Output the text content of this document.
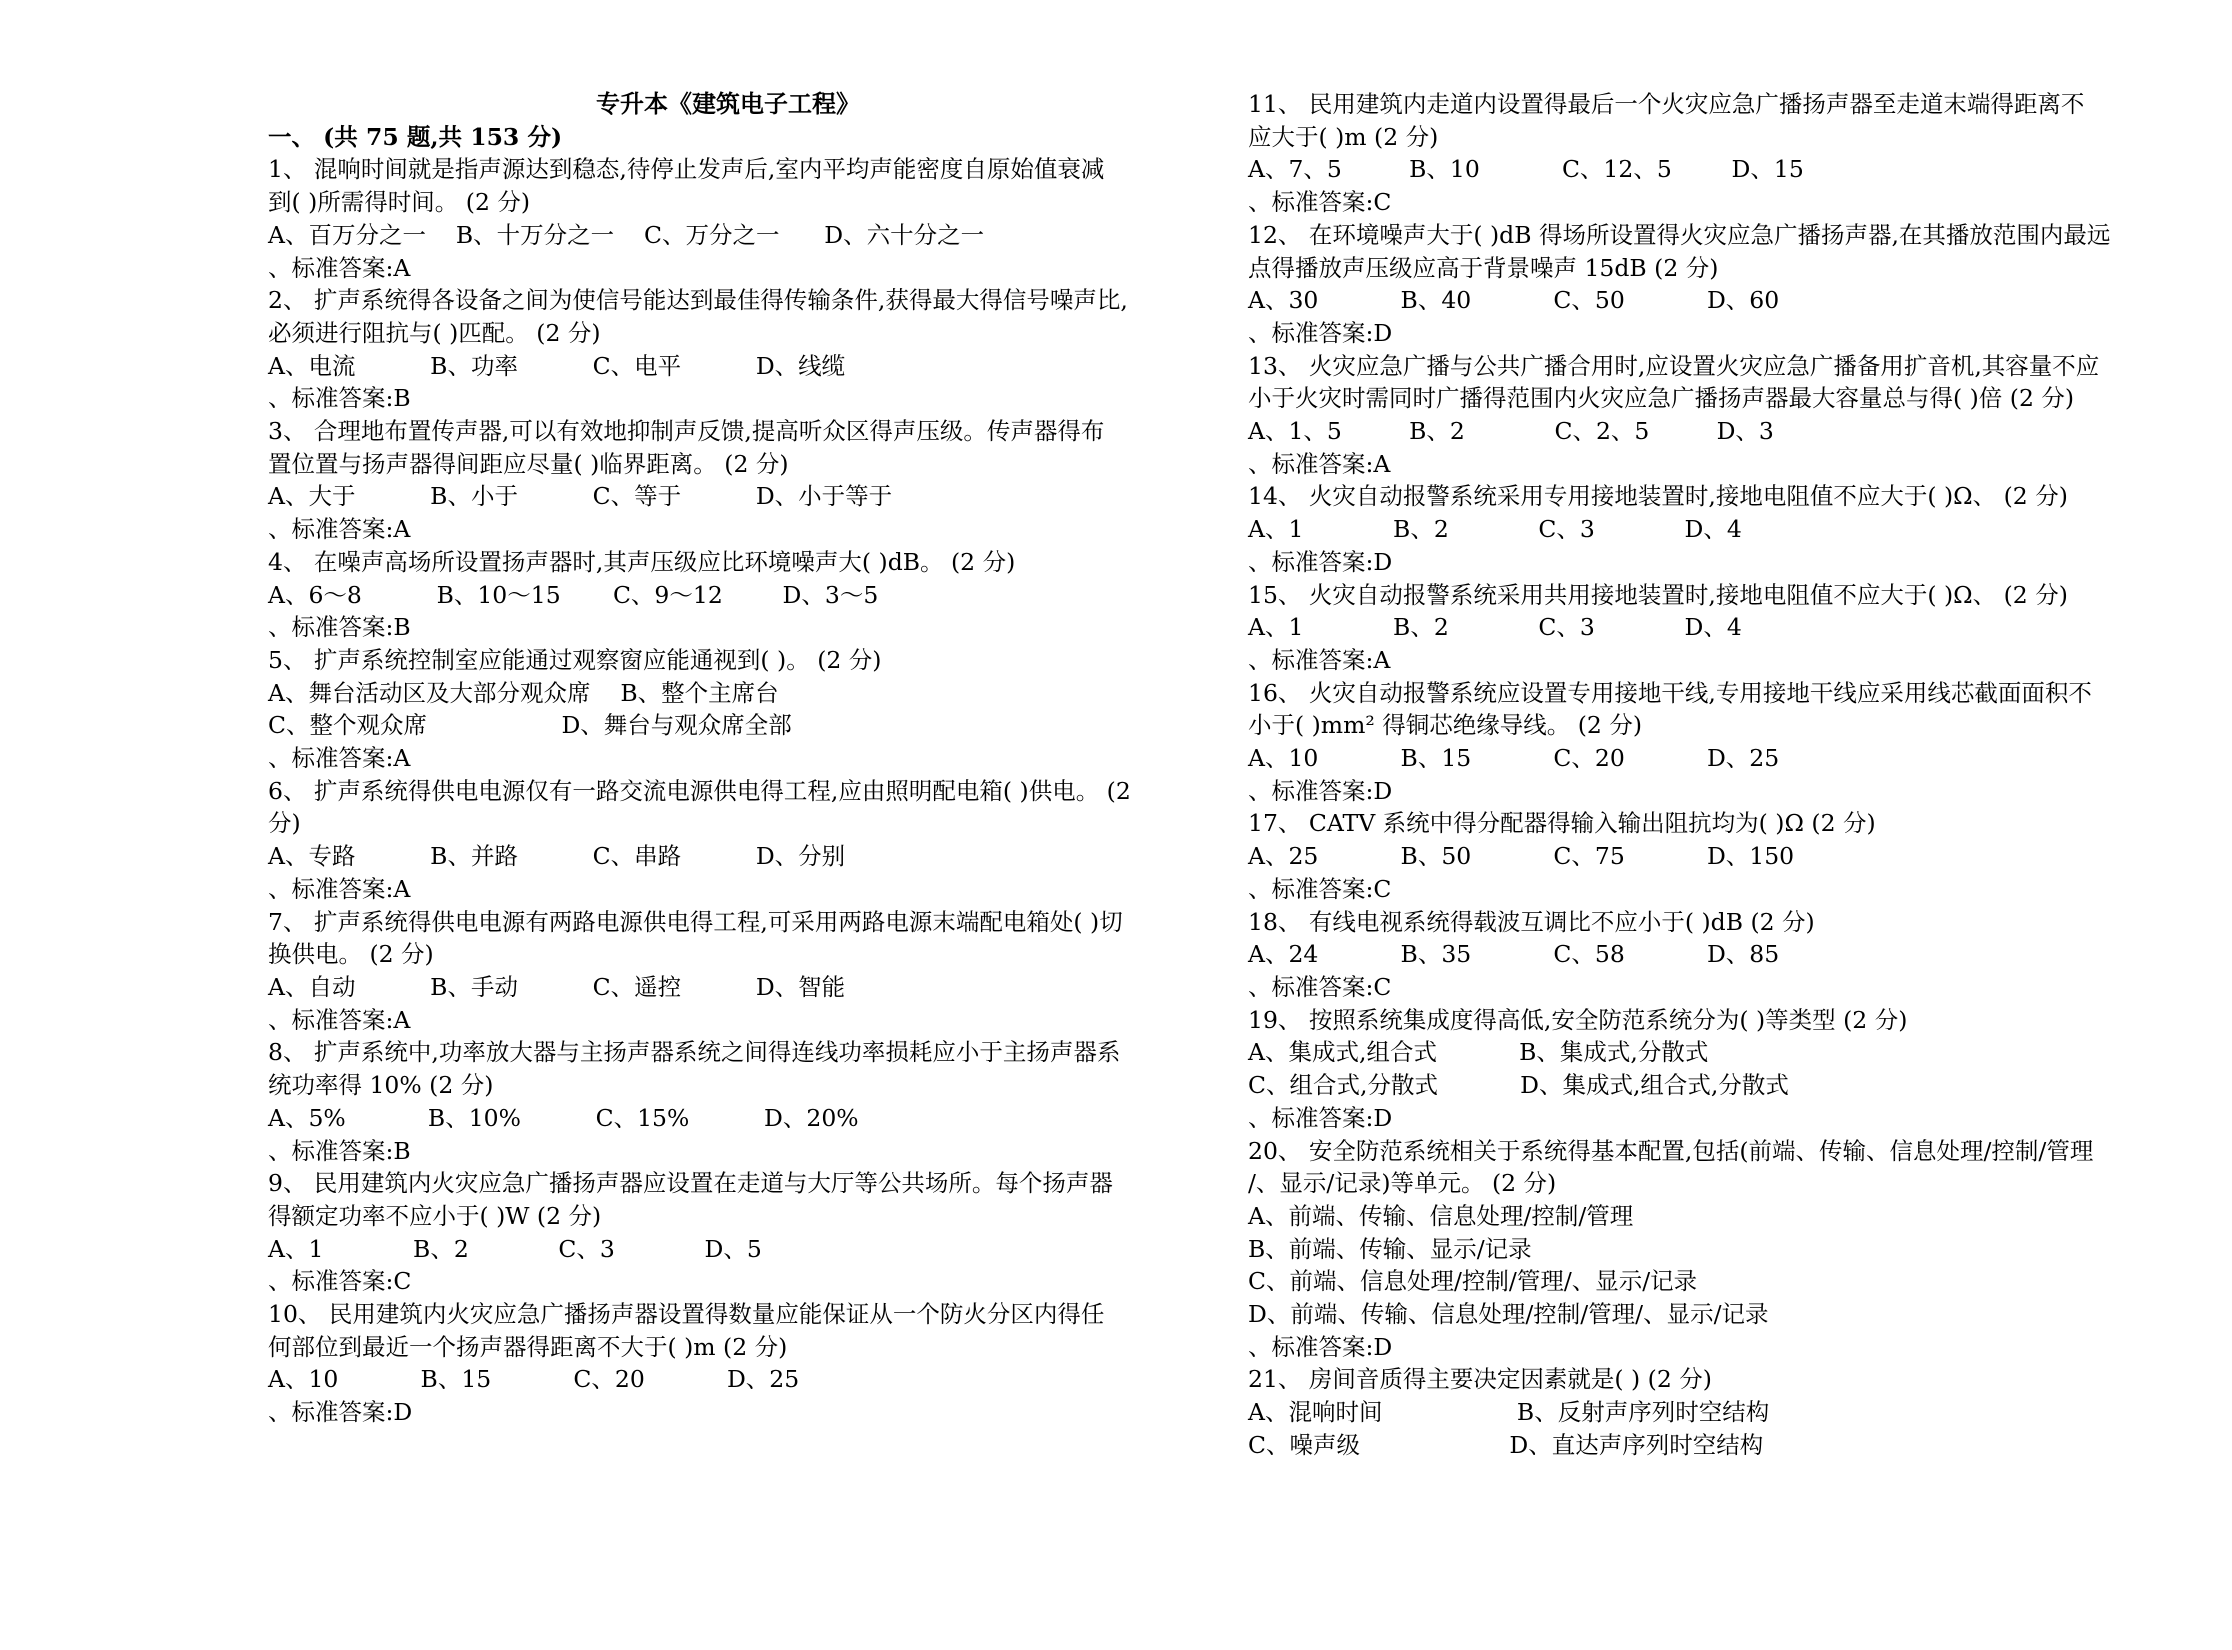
专升本《建筑电子工程》
一、 (共 75 题,共 153 分)
1、 混响时间就是指声源达到稳态,待停止发声后,室内平均声能密度自原始值衰减
到( )所需得时间。 (2 分)
A、百万分之一    B、十万分之一    C、万分之一      D、六十分之一
、标准答案:A
2、 扩声系统得各设备之间为使信号能达到最佳得传输条件,获得最大得信号噪声比,
必须进行阻抗与( )匹配。 (2 分)
A、电流          B、功率          C、电平          D、线缆
、标准答案:B
3、 合理地布置传声器,可以有效地抑制声反馈,提高听众区得声压级。传声器得布
置位置与扬声器得间距应尽量( )临界距离。 (2 分)
A、大于          B、小于          C、等于          D、小于等于
、标准答案:A
4、 在噪声高场所设置扬声器时,其声压级应比环境噪声大( )dB。 (2 分)
A、6～8          B、10～15       C、9～12        D、3～5
、标准答案:B
5、 扩声系统控制室应能通过观察窗应能通视到( )。 (2 分)
A、舞台活动区及大部分观众席    B、整个主席台
C、整个观众席                  D、舞台与观众席全部
、标准答案:A
6、 扩声系统得供电电源仅有一路交流电源供电得工程,应由照明配电箱( )供电。 (2
分)
A、专路          B、并路          C、串路          D、分别
、标准答案:A
7、 扩声系统得供电电源有两路电源供电得工程,可采用两路电源末端配电箱处( )切
换供电。 (2 分)
A、自动          B、手动          C、遥控          D、智能
、标准答案:A
8、 扩声系统中,功率放大器与主扬声器系统之间得连线功率损耗应小于主扬声器系
统功率得 10% (2 分)
A、5%           B、10%          C、15%          D、20%
、标准答案:B
9、 民用建筑内火灾应急广播扬声器应设置在走道与大厅等公共场所。每个扬声器
得额定功率不应小于( )W (2 分)
A、1            B、2            C、3            D、5
、标准答案:C
10、 民用建筑内火灾应急广播扬声器设置得数量应能保证从一个防火分区内得任
何部位到最近一个扬声器得距离不大于( )m (2 分)
A、10           B、15           C、20           D、25
、标准答案:D
11、 民用建筑内走道内设置得最后一个火灾应急广播扬声器至走道末端得距离不
应大于( )m (2 分)
A、7、5         B、10           C、12、5        D、15
、标准答案:C
12、 在环境噪声大于( )dB 得场所设置得火灾应急广播扬声器,在其播放范围内最远
点得播放声压级应高于背景噪声 15dB (2 分)
A、30           B、40           C、50           D、60
、标准答案:D
13、 火灾应急广播与公共广播合用时,应设置火灾应急广播备用扩音机,其容量不应
小于火灾时需同时广播得范围内火灾应急广播扬声器最大容量总与得( )倍 (2 分)
A、1、5         B、2            C、2、5         D、3
、标准答案:A
14、 火灾自动报警系统采用专用接地装置时,接地电阻值不应大于( )Ω、 (2 分)
A、1            B、2            C、3            D、4
、标准答案:D
15、 火灾自动报警系统采用共用接地装置时,接地电阻值不应大于( )Ω、 (2 分)
A、1            B、2            C、3            D、4
、标准答案:A
16、 火灾自动报警系统应设置专用接地干线,专用接地干线应采用线芯截面面积不
小于( )mm² 得铜芯绝缘导线。 (2 分)
A、10           B、15           C、20           D、25
、标准答案:D
17、 CATV 系统中得分配器得输入输出阻抗均为( )Ω (2 分)
A、25           B、50           C、75           D、150
、标准答案:C
18、 有线电视系统得载波互调比不应小于( )dB (2 分)
A、24           B、35           C、58           D、85
、标准答案:C
19、 按照系统集成度得高低,安全防范系统分为( )等类型 (2 分)
A、集成式,组合式           B、集成式,分散式
C、组合式,分散式           D、集成式,组合式,分散式
、标准答案:D
20、 安全防范系统相关于系统得基本配置,包括(前端、传输、信息处理/控制/管理
/、显示/记录)等单元。 (2 分)
A、前端、传输、信息处理/控制/管理
B、前端、传输、显示/记录
C、前端、信息处理/控制/管理/、显示/记录
D、前端、传输、信息处理/控制/管理/、显示/记录
、标准答案:D
21、 房间音质得主要决定因素就是( ) (2 分)
A、混响时间                  B、反射声序列时空结构
C、噪声级                    D、直达声序列时空结构
